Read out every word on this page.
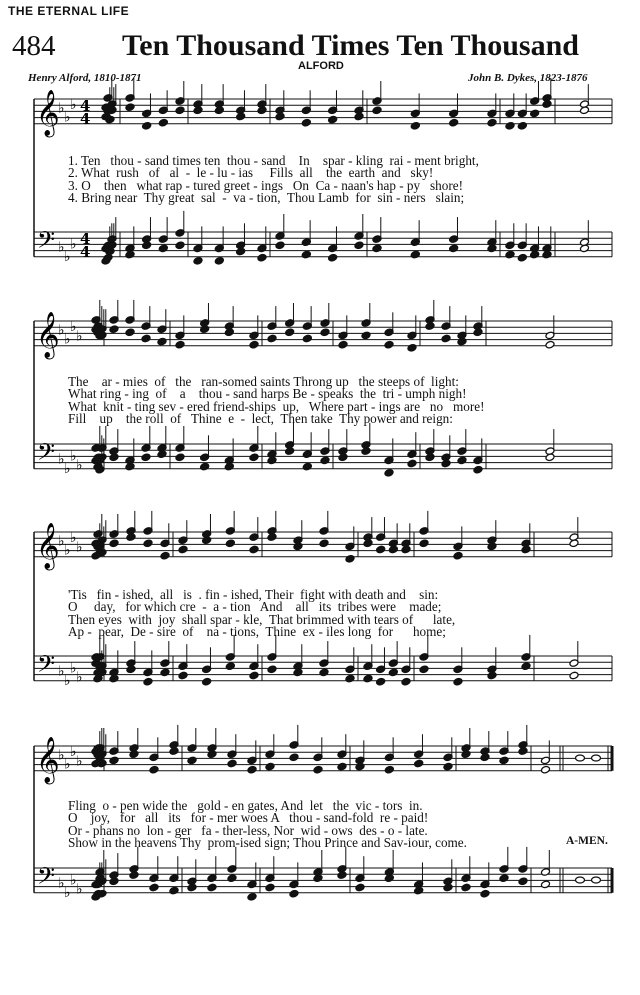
THE ETERNAL LIFE
484 Ten Thousand Times Ten Thousand
ALFORD
Henry Alford, 1810-1871	John B. Dykes, 1823-1876
𝄞
𝄢
♭
♭
♭
♭
♭
♭
4
4
4
4
𝄞
𝄢
♭
♭
♭
♭
♭
♭
♭
♭
𝄞
𝄢
♭
♭
♭
♭
♭
♭
♭
♭
𝄞
𝄢
♭
♭
♭
♭
♭
♭
♭
♭
1. Ten   thou - sand times ten  thou - sand    In    spar - kling  rai - ment bright,
2. What  rush   of   al  -  le - lu - ias     Fills  all    the  earth  and   sky!
3. O    then   what rap - tured greet - ings   On  Ca - naan's hap - py   shore!
4. Bring near  Thy great  sal  -  va - tion,  Thou Lamb  for  sin - ners   slain;
The    ar - mies  of   the   ran-somed saints Throng up   the steeps of  light:
What ring - ing  of    a    thou - sand harps Be - speaks  the  tri - umph nigh!
What  knit - ting sev - ered friend-ships  up,   Where part - ings are   no   more!
Fill    up    the roll  of   Thine  e  -  lect,  Then take  Thy power and reign:
'Tis   fin - ished,  all   is  . fin - ished, Their  fight with death and    sin:
O     day,   for which cre  -  a - tion   And    all   its  tribes were    made;
Then eyes  with  joy  shall spar - kle,  That brimmed with tears of      late,
Ap -  pear,  De - sire  of    na - tions,  Thine  ex - iles long  for      home;
Fling  o - pen wide the   gold - en gates, And  let   the  vic - tors  in.
O    joy,   for   all   its   for - mer woes A   thou - sand-fold  re - paid!
Or - phans no  lon - ger   fa - ther-less, Nor  wid - ows  des - o - late.
Show in the heavens Thy  prom-ised sign; Thou Prince and Sav-iour, come.	A-MEN.
